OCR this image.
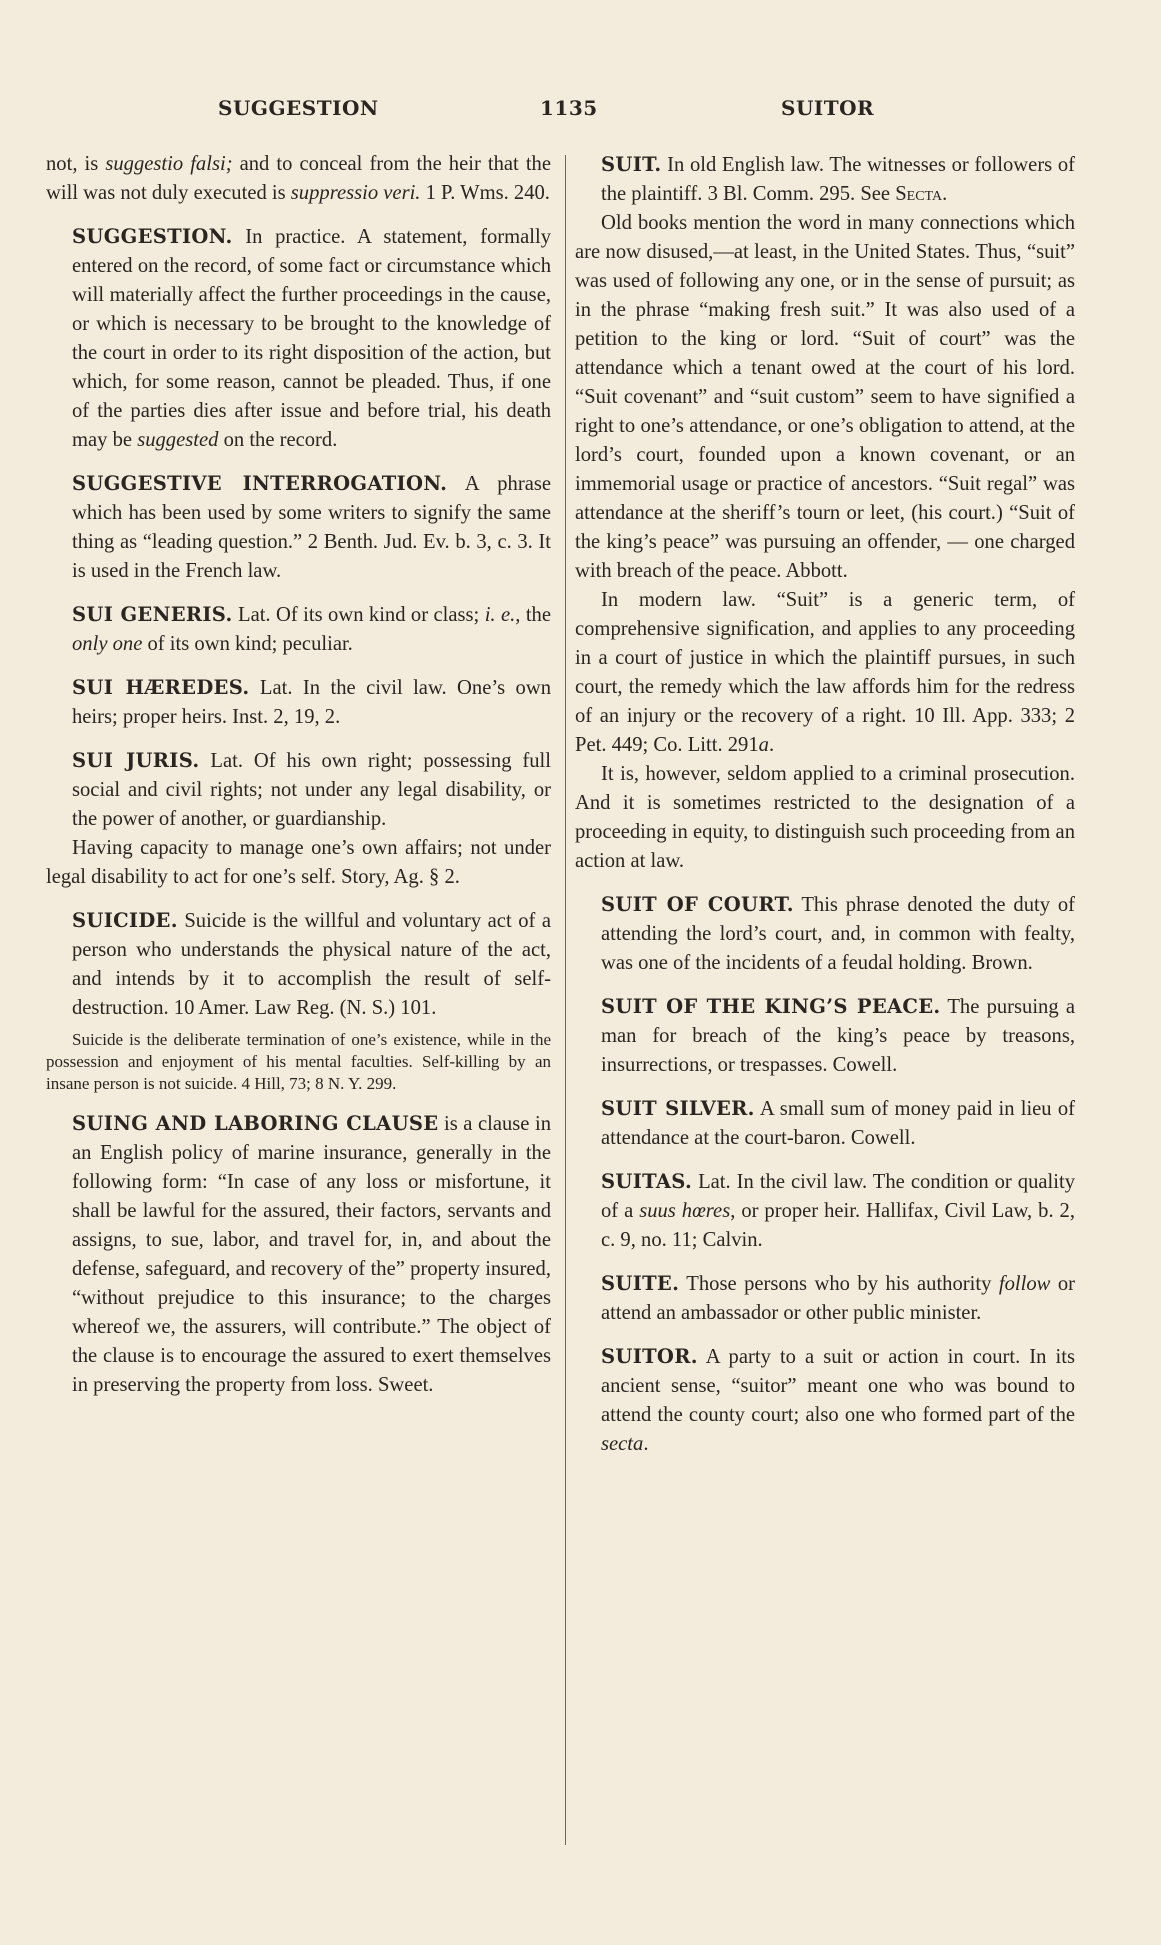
SUGGESTION	1135	SUITOR

not, is suggestio falsi; and to conceal from the heir that the will was not duly executed is suppressio veri. 1 P. Wms. 240.

SUGGESTION. In practice. A statement, formally entered on the record, of some fact or circumstance which will materially affect the further proceedings in the cause, or which is necessary to be brought to the knowledge of the court in order to its right disposition of the action, but which, for some reason, cannot be pleaded. Thus, if one of the parties dies after issue and before trial, his death may be suggested on the record.

SUGGESTIVE INTERROGATION. A phrase which has been used by some writers to signify the same thing as “leading question.” 2 Benth. Jud. Ev. b. 3, c. 3. It is used in the French law.

SUI GENERIS. Lat. Of its own kind or class; i. e., the only one of its own kind; peculiar.

SUI HÆREDES. Lat. In the civil law. One’s own heirs; proper heirs. Inst. 2, 19, 2.

SUI JURIS. Lat. Of his own right; possessing full social and civil rights; not under any legal disability, or the power of another, or guardianship.

Having capacity to manage one’s own affairs; not under legal disability to act for one’s self. Story, Ag. § 2.

SUICIDE. Suicide is the willful and voluntary act of a person who understands the physical nature of the act, and intends by it to accomplish the result of self-destruction. 10 Amer. Law Reg. (N. S.) 101.

Suicide is the deliberate termination of one’s existence, while in the possession and enjoyment of his mental faculties. Self-killing by an insane person is not suicide. 4 Hill, 73; 8 N. Y. 299.

SUING AND LABORING CLAUSE is a clause in an English policy of marine insurance, generally in the following form: “In case of any loss or misfortune, it shall be lawful for the assured, their factors, servants and assigns, to sue, labor, and travel for, in, and about the defense, safeguard, and recovery of the” property insured, “without prejudice to this insurance; to the charges whereof we, the assurers, will contribute.” The object of the clause is to encourage the assured to exert themselves in preserving the property from loss. Sweet.

SUIT. In old English law. The witnesses or followers of the plaintiff. 3 Bl. Comm. 295. See Secta.

Old books mention the word in many connections which are now disused,—at least, in the United States. Thus, “suit” was used of following any one, or in the sense of pursuit; as in the phrase “making fresh suit.” It was also used of a petition to the king or lord. “Suit of court” was the attendance which a tenant owed at the court of his lord. “Suit covenant” and “suit custom” seem to have signified a right to one’s attendance, or one’s obligation to attend, at the lord’s court, founded upon a known covenant, or an immemorial usage or practice of ancestors. “Suit regal” was attendance at the sheriff’s tourn or leet, (his court.) “Suit of the king’s peace” was pursuing an offender, — one charged with breach of the peace. Abbott.

In modern law. “Suit” is a generic term, of comprehensive signification, and applies to any proceeding in a court of justice in which the plaintiff pursues, in such court, the remedy which the law affords him for the redress of an injury or the recovery of a right. 10 Ill. App. 333; 2 Pet. 449; Co. Litt. 291a.

It is, however, seldom applied to a criminal prosecution. And it is sometimes restricted to the designation of a proceeding in equity, to distinguish such proceeding from an action at law.

SUIT OF COURT. This phrase denoted the duty of attending the lord’s court, and, in common with fealty, was one of the incidents of a feudal holding. Brown.

SUIT OF THE KING’S PEACE. The pursuing a man for breach of the king’s peace by treasons, insurrections, or trespasses. Cowell.

SUIT SILVER. A small sum of money paid in lieu of attendance at the court-baron. Cowell.

SUITAS. Lat. In the civil law. The condition or quality of a suus hœres, or proper heir. Hallifax, Civil Law, b. 2, c. 9, no. 11; Calvin.

SUITE. Those persons who by his authority follow or attend an ambassador or other public minister.

SUITOR. A party to a suit or action in court. In its ancient sense, “suitor” meant one who was bound to attend the county court; also one who formed part of the secta.
